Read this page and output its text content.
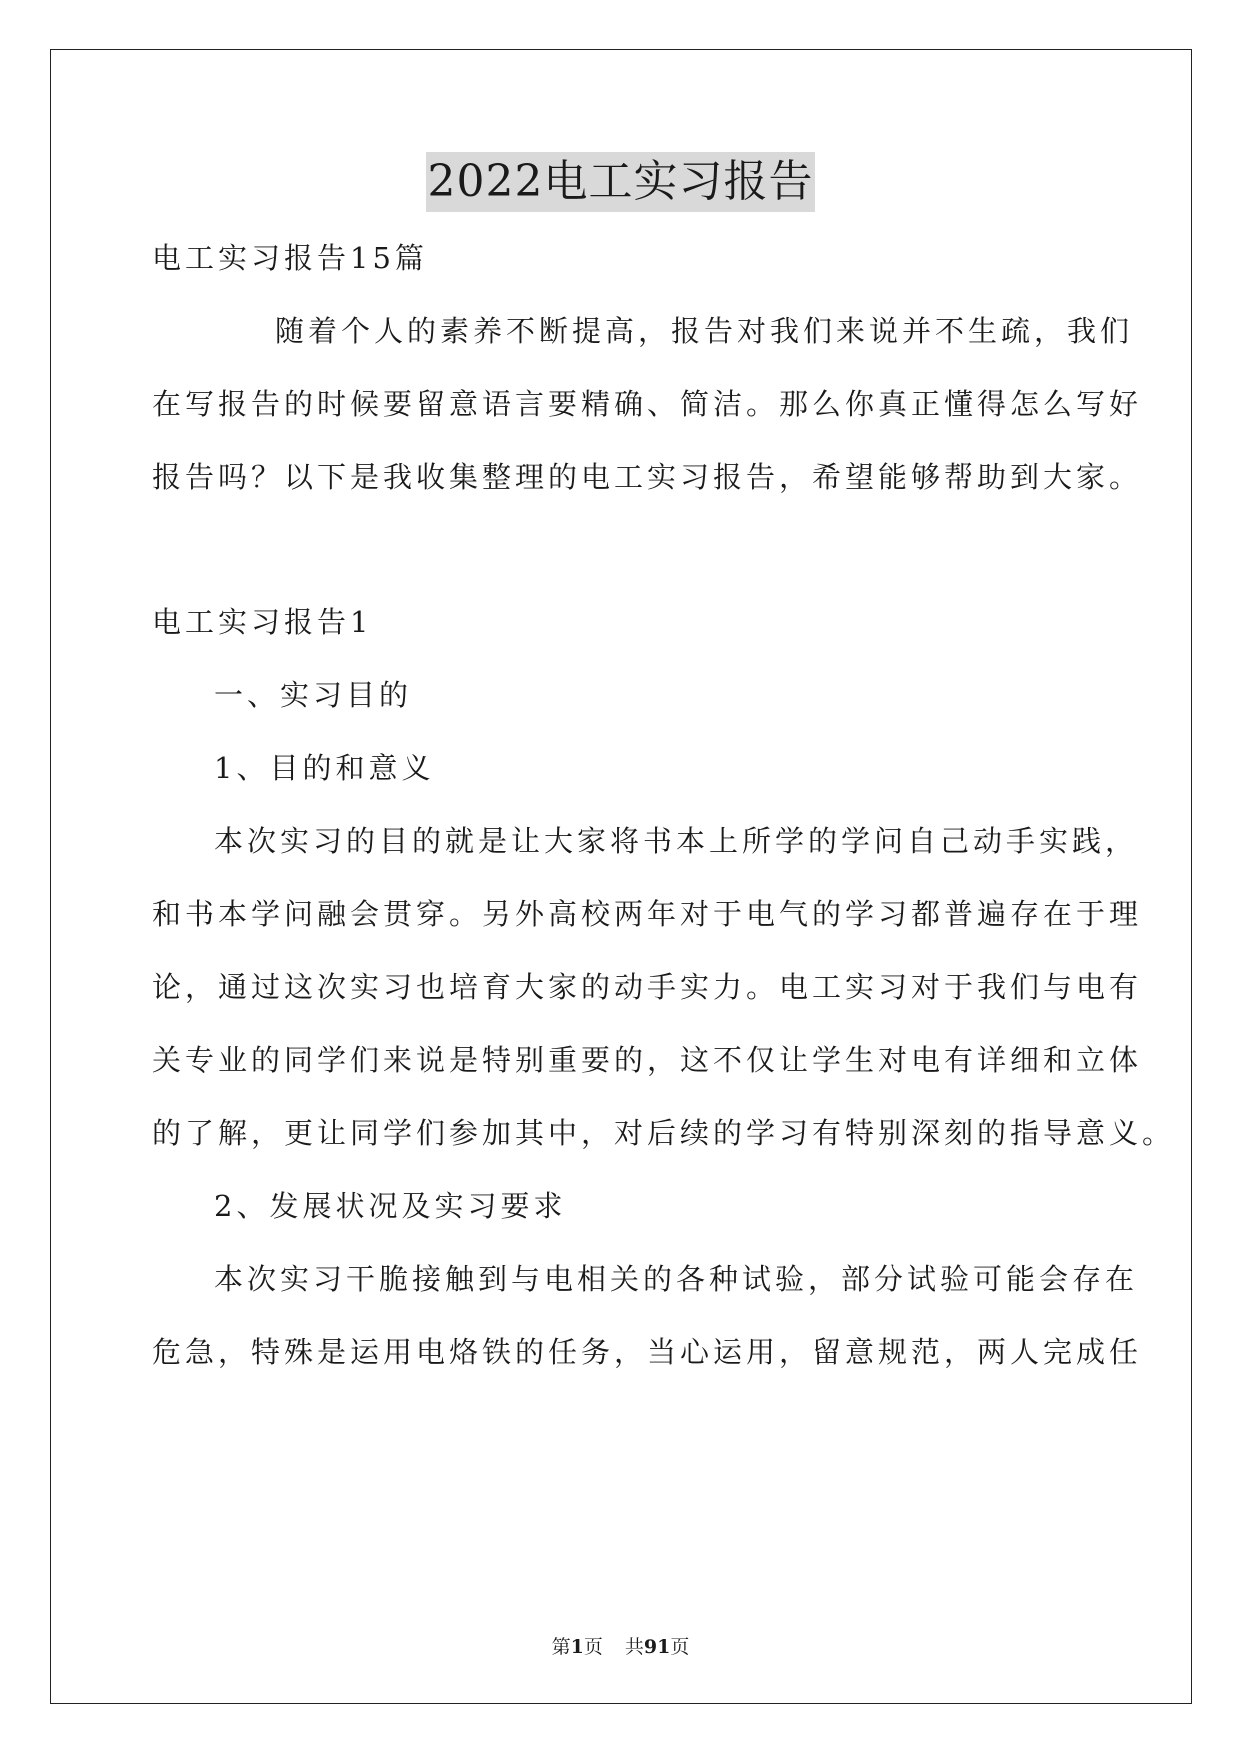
2022电工实习报告
电工实习报告15篇
随着个人的素养不断提高，报告对我们来说并不生疏，我们
在写报告的时候要留意语言要精确、简洁。那么你真正懂得怎么写好
报告吗？以下是我收集整理的电工实习报告，希望能够帮助到大家。
电工实习报告1
一、实习目的
1、目的和意义
本次实习的目的就是让大家将书本上所学的学问自己动手实践，
和书本学问融会贯穿。另外高校两年对于电气的学习都普遍存在于理
论，通过这次实习也培育大家的动手实力。电工实习对于我们与电有
关专业的同学们来说是特别重要的，这不仅让学生对电有详细和立体
的了解，更让同学们参加其中，对后续的学习有特别深刻的指导意义。
2、发展状况及实习要求
本次实习干脆接触到与电相关的各种试验，部分试验可能会存在
危急，特殊是运用电烙铁的任务，当心运用，留意规范，两人完成任
第1页 共91页
